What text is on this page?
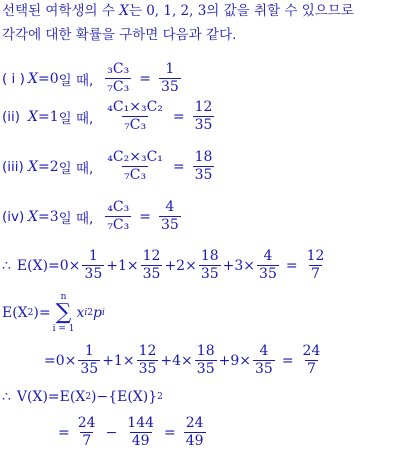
선택된 여학생의 수 X는 0, 1, 2, 3의 값을 취할 수 있으므로
각각에 대한 확률을 구하면 다음과 같다.
( i ) X = 0 일 때, $\frac{\text{₃C₃}}{\text{₇C₃}} = \frac{1}{35}$
(ii) X = 1 일 때, $\frac{\text{₄C₁×₃C₂}}{\text{₇C₃}} = \frac{12}{35}$
(iii) X = 2 일 때, $\frac{\text{₄C₂×₃C₁}}{\text{₇C₃}} = \frac{18}{35}$
(iv) X = 3 일 때, $\frac{\text{₄C₃}}{\text{₇C₃}} = \frac{4}{35}$
∴ $E(X) =0\times \frac{1}{35} +1\times \frac{12}{35} +2\times \frac{18}{35} +3\times \frac{4}{35} = \frac{12}{7}$
E(X 2 )=
n
∑
i = 1
x i 2 p i
$=0\times \frac{1}{35} +1\times \frac{12}{35} +4\times \frac{18}{35} +9\times \frac{4}{35} = \frac{24}{7}$
∴ V(X)=E(X 2 )−{E(X)} 2
= $\frac{24}{7} - \frac{144}{49} = \frac{24}{49}$
